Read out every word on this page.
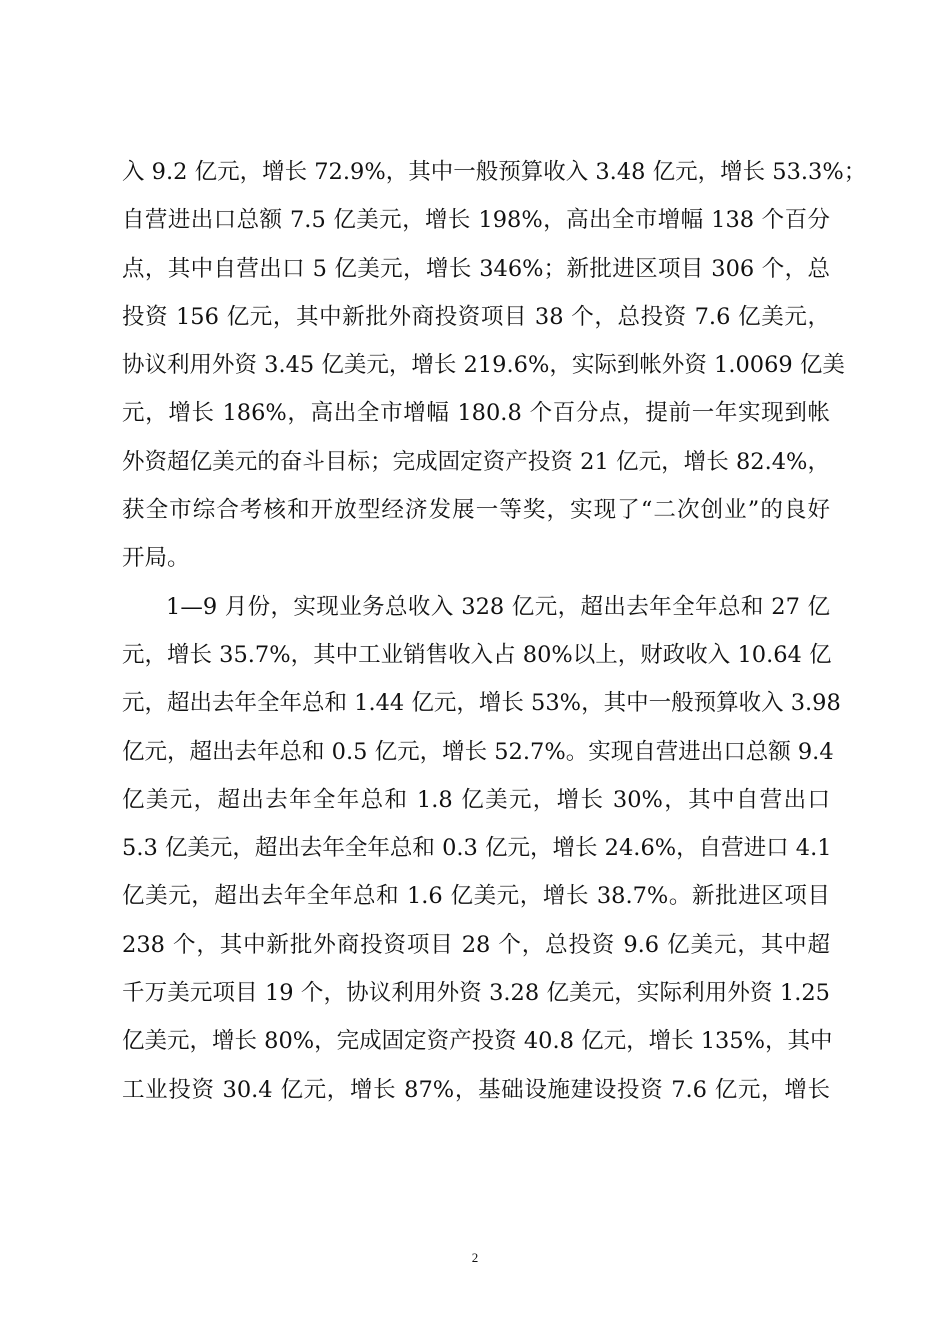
入 9.2 亿元，增长 72.9%，其中一般预算收入 3.48 亿元，增长 53.3%；
自营进出口总额 7.5 亿美元，增长 198%，高出全市增幅 138 个百分
点，其中自营出口 5 亿美元，增长 346%；新批进区项目 306 个，总
投资 156 亿元，其中新批外商投资项目 38 个，总投资 7.6 亿美元，
协议利用外资 3.45 亿美元，增长 219.6%，实际到帐外资 1.0069 亿美
元，增长 186%，高出全市增幅 180.8 个百分点，提前一年实现到帐
外资超亿美元的奋斗目标；完成固定资产投资 21 亿元，增长 82.4%，
获全市综合考核和开放型经济发展一等奖，实现了“二次创业”的良好
开局。
1—9 月份，实现业务总收入 328 亿元，超出去年全年总和 27 亿
元，增长 35.7%，其中工业销售收入占 80%以上，财政收入 10.64 亿
元，超出去年全年总和 1.44 亿元，增长 53%，其中一般预算收入 3.98
亿元，超出去年总和 0.5 亿元，增长 52.7%。实现自营进出口总额 9.4
亿美元，超出去年全年总和 1.8 亿美元，增长 30%，其中自营出口
5.3 亿美元，超出去年全年总和 0.3 亿元，增长 24.6%，自营进口 4.1
亿美元，超出去年全年总和 1.6 亿美元，增长 38.7%。新批进区项目
238 个，其中新批外商投资项目 28 个，总投资 9.6 亿美元，其中超
千万美元项目 19 个，协议利用外资 3.28 亿美元，实际利用外资 1.25
亿美元，增长 80%，完成固定资产投资 40.8 亿元，增长 135%，其中
工业投资 30.4 亿元，增长 87%，基础设施建设投资 7.6 亿元，增长
2
